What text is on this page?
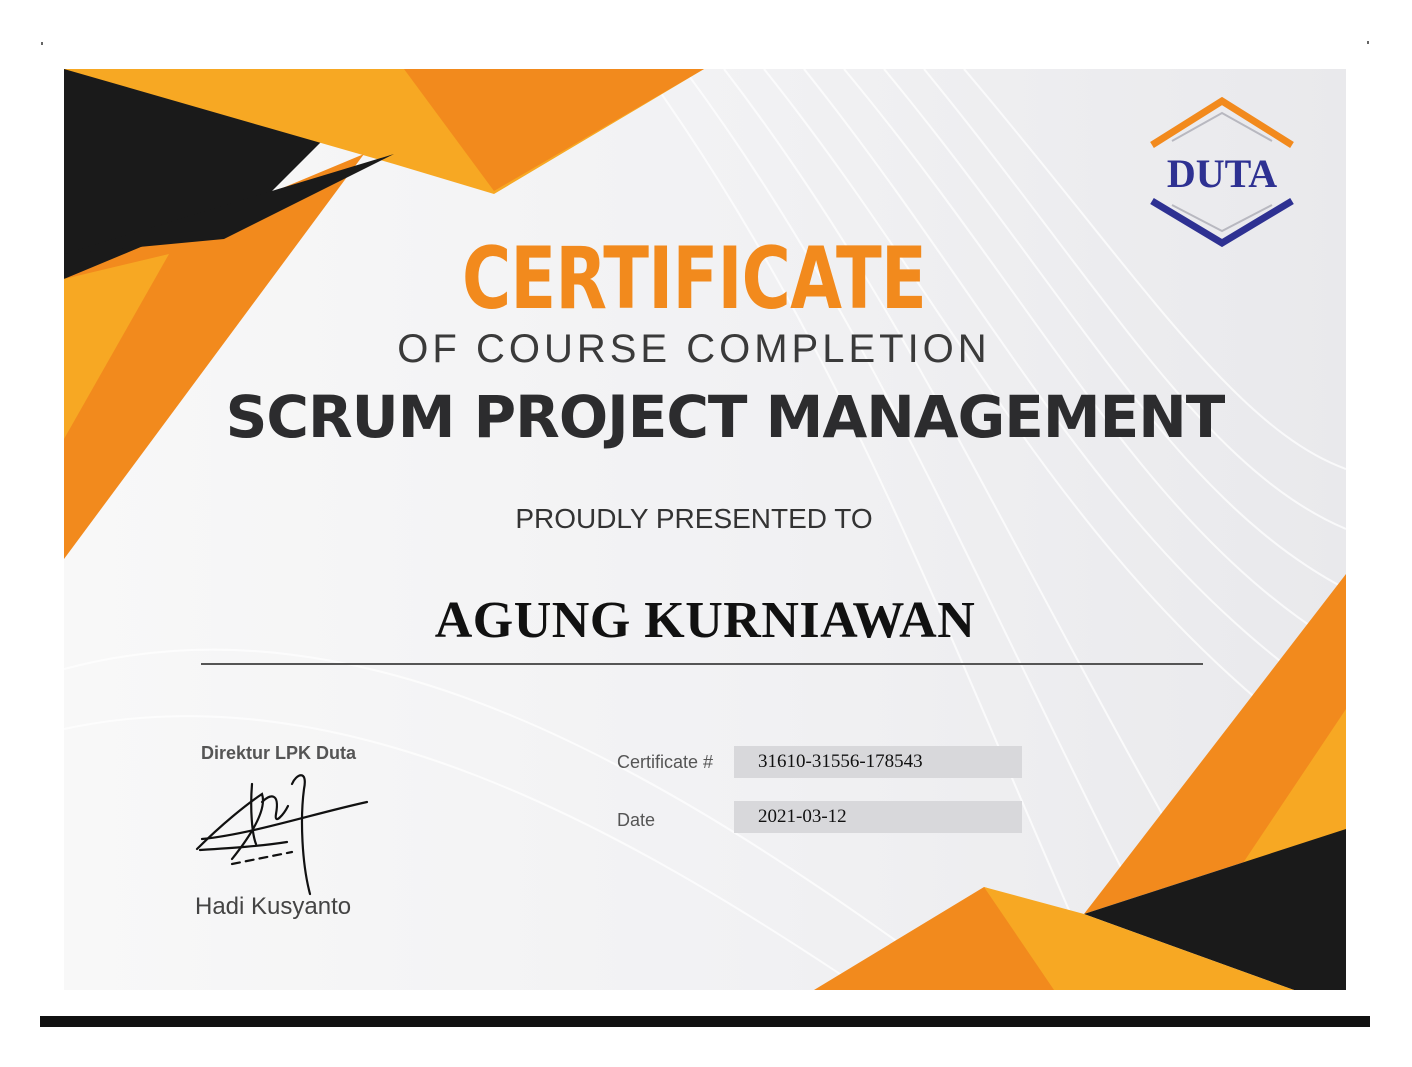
DUTA
CERTIFICATE
OF COURSE COMPLETION
SCRUM PROJECT MANAGEMENT
PROUDLY PRESENTED TO
AGUNG KURNIAWAN
Direktur LPK Duta
Hadi Kusyanto
Certificate #	31610-31556-178543
Date	2021-03-12
